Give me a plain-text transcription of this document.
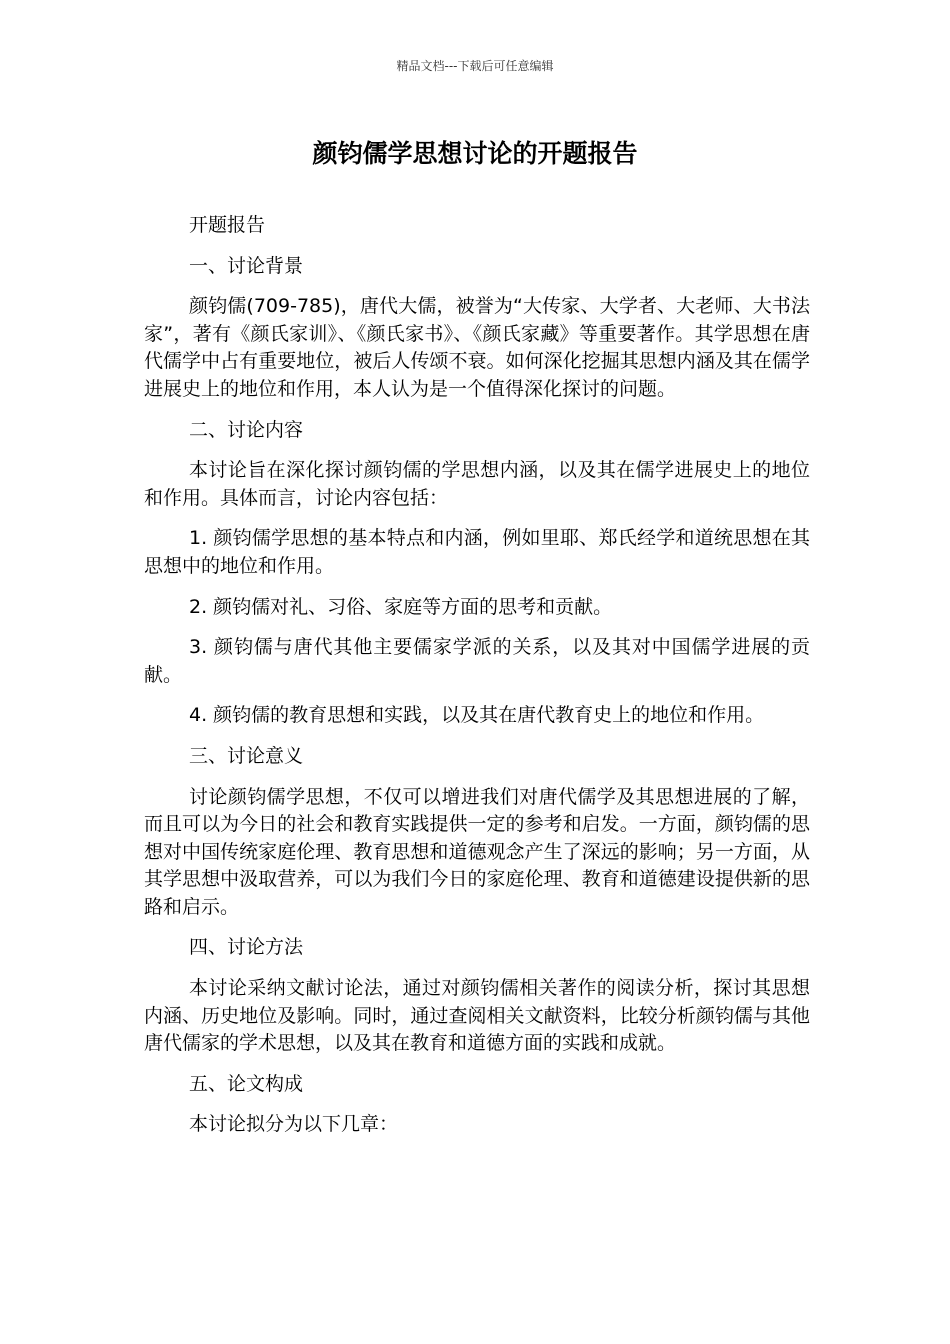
精品文档---下载后可任意编辑
颜钧儒学思想讨论的开题报告

开题报告

一、讨论背景

颜钧儒(709-785)，唐代大儒，被誉为“大传家、大学者、大老师、大书法家”，著有《颜氏家训》、《颜氏家书》、《颜氏家藏》等重要著作。其学思想在唐代儒学中占有重要地位，被后人传颂不衰。如何深化挖掘其思想内涵及其在儒学进展史上的地位和作用，本人认为是一个值得深化探讨的问题。

二、讨论内容

本讨论旨在深化探讨颜钧儒的学思想内涵，以及其在儒学进展史上的地位和作用。具体而言，讨论内容包括：

1. 颜钧儒学思想的基本特点和内涵，例如里耶、郑氏经学和道统思想在其思想中的地位和作用。

2. 颜钧儒对礼、习俗、家庭等方面的思考和贡献。

3. 颜钧儒与唐代其他主要儒家学派的关系，以及其对中国儒学进展的贡献。

4. 颜钧儒的教育思想和实践，以及其在唐代教育史上的地位和作用。

三、讨论意义

讨论颜钧儒学思想，不仅可以增进我们对唐代儒学及其思想进展的了解，而且可以为今日的社会和教育实践提供一定的参考和启发。一方面，颜钧儒的思想对中国传统家庭伦理、教育思想和道德观念产生了深远的影响；另一方面，从其学思想中汲取营养，可以为我们今日的家庭伦理、教育和道德建设提供新的思路和启示。

四、讨论方法

本讨论采纳文献讨论法，通过对颜钧儒相关著作的阅读分析，探讨其思想内涵、历史地位及影响。同时，通过查阅相关文献资料，比较分析颜钧儒与其他唐代儒家的学术思想，以及其在教育和道德方面的实践和成就。

五、论文构成

本讨论拟分为以下几章：
